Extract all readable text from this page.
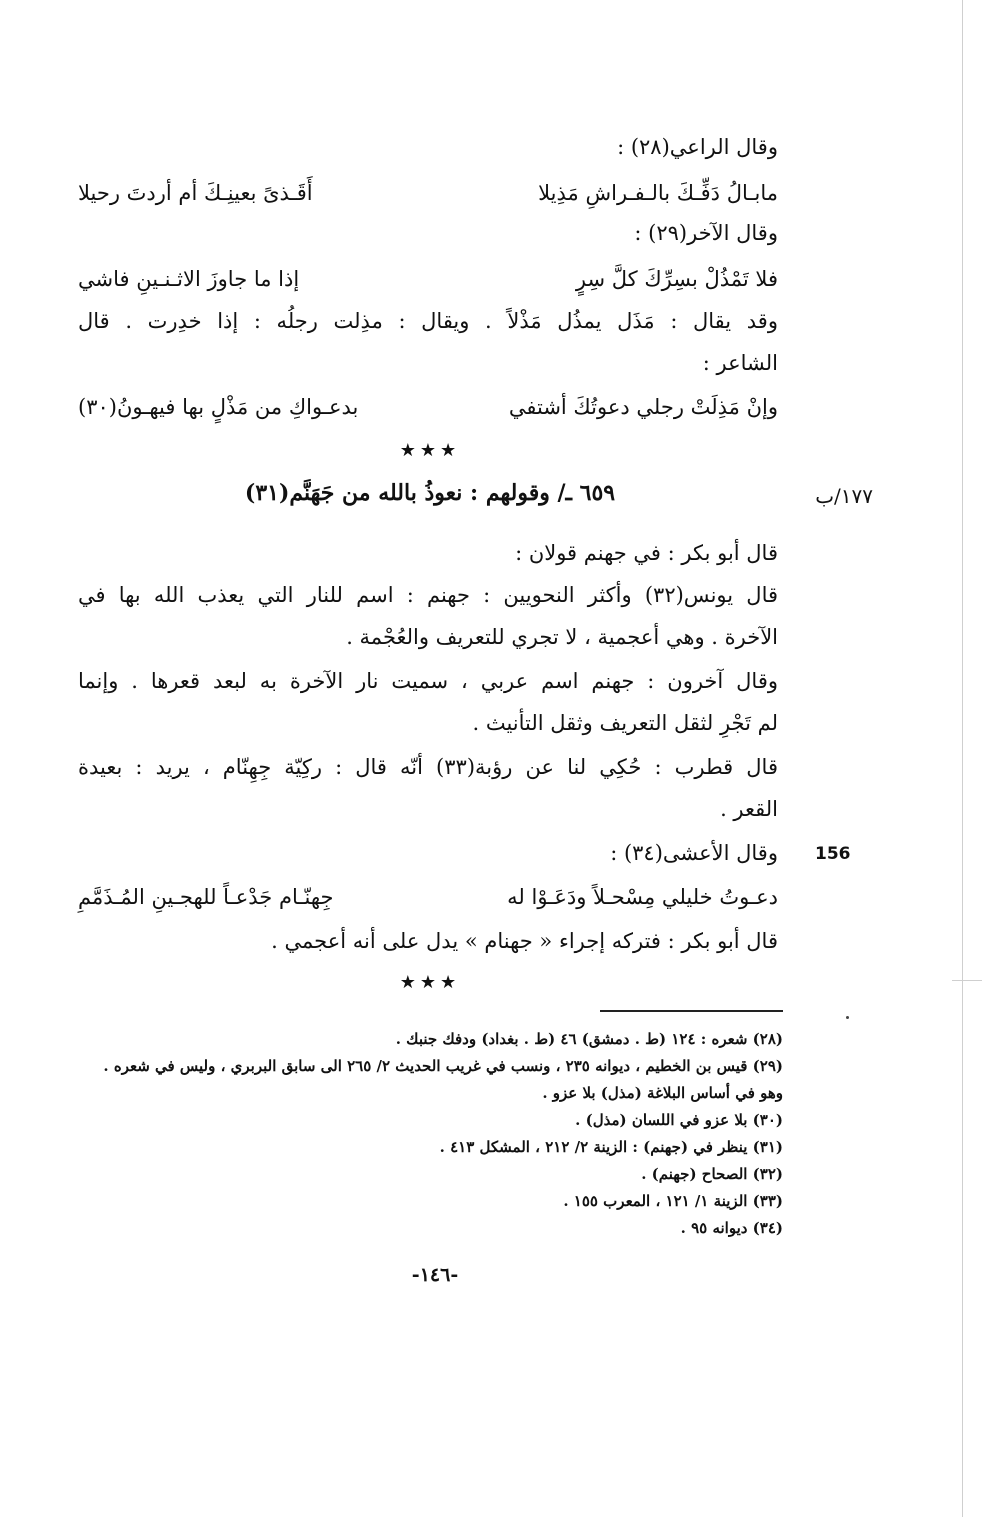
وقال الراعي(٢٨) :
مابـالُ دَفِّـكَ بالـفـراشِ مَذِيلا
أَقَـذىً بعينِـكَ أم أردتَ رحيلا
وقال الآخر(٢٩) :
فلا تَمْذُلْ بسِرِّكَ كلَّ سِرٍ
إذا ما جاوزَ الاثـنـينِ فاشي
وقد يقال : مَذَل يمذُل مَذْلاً . ويقال : مذِلت رجلُه : إذا خدِرت . قال
الشاعر :
وإنْ مَذِلَتْ رجلي دعوتُكَ أشتفي
بدعـواكِ من مَذْلٍ بها فيهـونُ(٣٠)
★★★
٦٥٩ ـ/ وقولهم : نعوذُ بالله من جَهَنَّم(٣١)	١٧٧/ب
قال أبو بكر : في جهنم قولان :
قال يونس(٣٢) وأكثر النحويين : جهنم : اسم للنار التي يعذب الله بها في
الآخرة . وهي أعجمية ، لا تجري للتعريف والعُجْمة .
وقال آخرون : جهنم اسم عربي ، سميت نار الآخرة به لبعد قعرها . وإنما
لم تَجْرِ لثقل التعريف وثقل التأنيث .
قال قطرب : حُكِي لنا عن رؤبة(٣٣) أنّه قال : ركِيّة جِهِنّام ، يريد : بعيدة
القعر .
وقال الأعشى(٣٤) : 156
دعـوتُ خليلي مِسْحـلاً ودَعَـوْا له
جِهنّـام جَدْعـاً للهجـينِ المُـذَمَّمِ
قال أبو بكر : فتركه إجراء « جهنام » يدل على أنه أعجمي .
★★★
(٢٨) شعره : ١٢٤ (ط . دمشق) ٤٦ (ط . بغداد) ودفك جنبك .
(٢٩) قيس بن الخطيم ، ديوانه ٢٣٥ ، ونسب في غريب الحديث ٢/ ٢٦٥ الى سابق البربري ، وليس في شعره .
وهو في أساس البلاغة (مذل) بلا عزو .
(٣٠) بلا عزو في اللسان (مذل) .
(٣١) ينظر في (جهنم) : الزينة ٢/ ٢١٢ ، المشكل ٤١٣ .
(٣٢) الصحاح (جهنم) .
(٣٣) الزينة ١/ ١٢١ ، المعرب ١٥٥ .
(٣٤) ديوانه ٩٥ .
-١٤٦-
